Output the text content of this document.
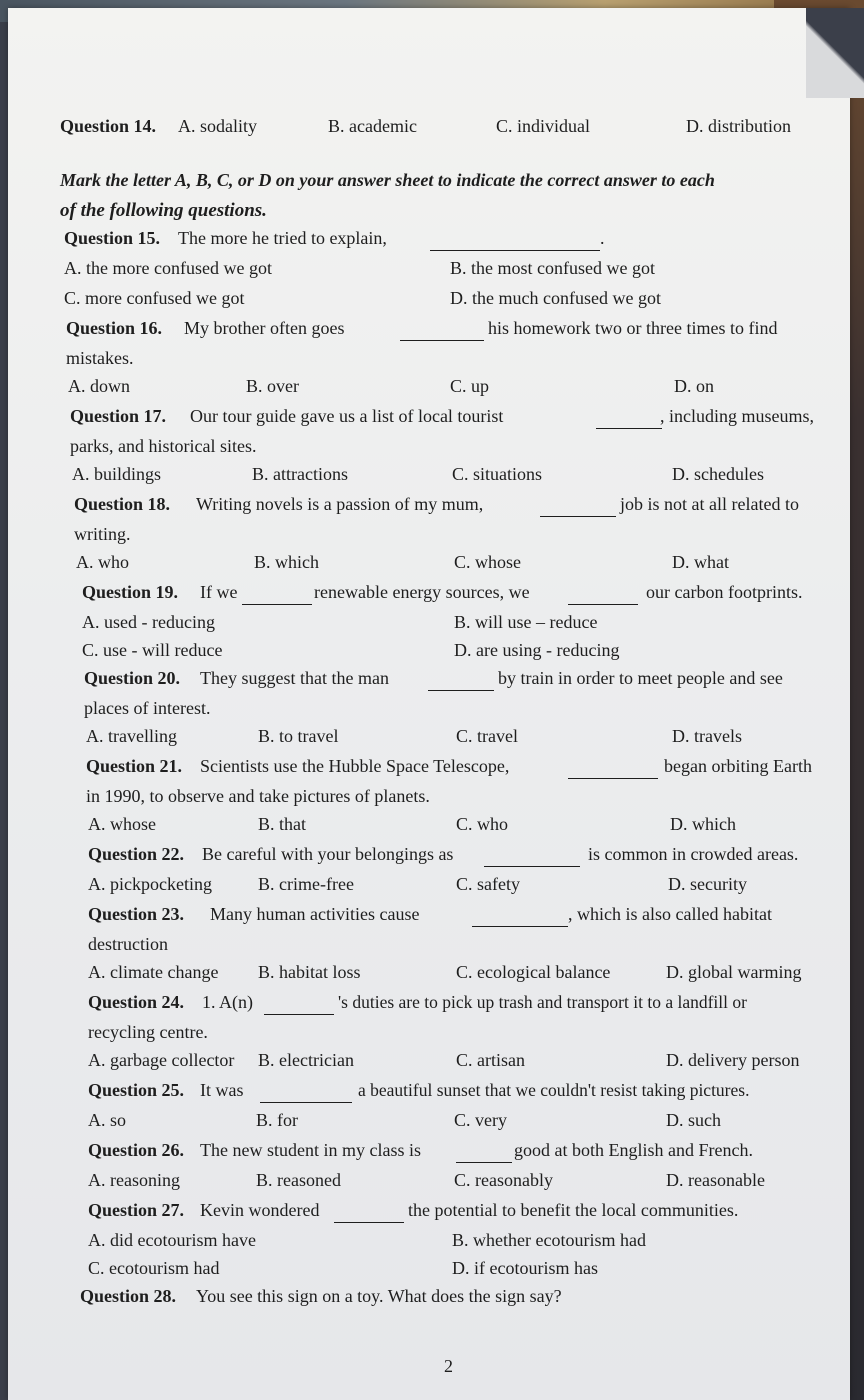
Question 14. A. sodality	B. academic	C. individual	D. distribution
Mark the letter A, B, C, or D on your answer sheet to indicate the correct answer to each
of the following questions.
Question 15. The more he tried to explain,	.
A. the more confused we got	B. the most confused we got
C. more confused we got	D. the much confused we got
Question 16. My brother often goes	his homework two or three times to find
mistakes.
A. down	B. over	C. up	D. on
Question 17. Our tour guide gave us a list of local tourist	, including museums,
parks, and historical sites.
A. buildings	B. attractions	C. situations	D. schedules
Question 18. Writing novels is a passion of my mum,	job is not at all related to
writing.
A. who	B. which	C. whose	D. what
Question 19. If we	renewable energy sources, we	our carbon footprints.
A. used - reducing	B. will use – reduce
C. use - will reduce	D. are using - reducing
Question 20. They suggest that the man	by train in order to meet people and see
places of interest.
A. travelling	B. to travel	C. travel	D. travels
Question 21. Scientists use the Hubble Space Telescope,	began orbiting Earth
in 1990, to observe and take pictures of planets.
A. whose	B. that	C. who	D. which
Question 22. Be careful with your belongings as	is common in crowded areas.
A. pickpocketing	B. crime-free	C. safety	D. security
Question 23. Many human activities cause	, which is also called habitat
destruction
A. climate change B. habitat loss	C. ecological balance	D. global warming
Question 24. 1. A(n)	's duties are to pick up trash and transport it to a landfill or
recycling centre.
A. garbage collector B. electrician	C. artisan	D. delivery person
Question 25. It was	a beautiful sunset that we couldn't resist taking pictures.
A. so	B. for	C. very	D. such
Question 26. The new student in my class is	good at both English and French.
A. reasoning	B. reasoned	C. reasonably	D. reasonable
Question 27. Kevin wondered	the potential to benefit the local communities.
A. did ecotourism have	B. whether ecotourism had
C. ecotourism had	D. if ecotourism has
Question 28. You see this sign on a toy. What does the sign say?
2
